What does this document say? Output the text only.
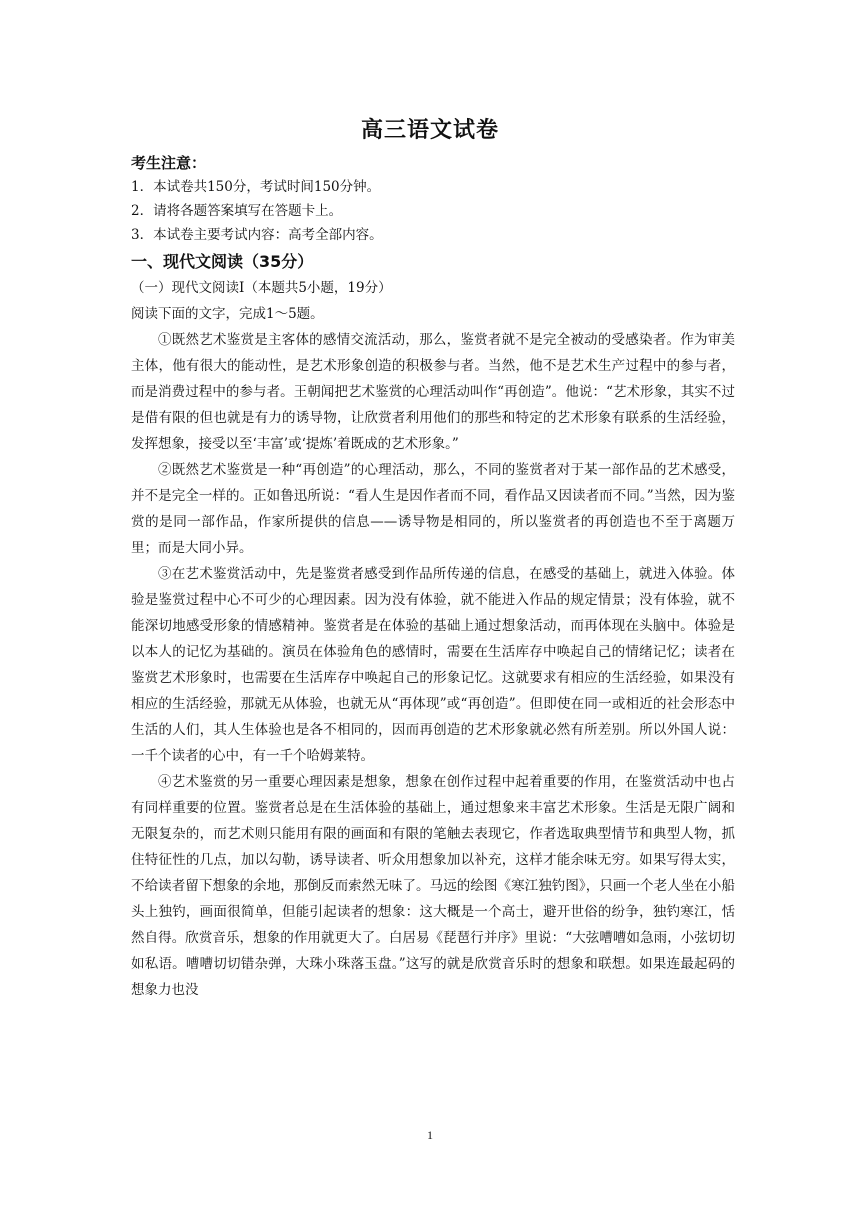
高三语文试卷

考生注意：

1．本试卷共150分，考试时间150分钟。

2．请将各题答案填写在答题卡上。

3．本试卷主要考试内容：高考全部内容。

一、现代文阅读（35分）

（一）现代文阅读Ⅰ（本题共5小题，19分）

阅读下面的文字，完成1～5题。

①既然艺术鉴赏是主客体的感情交流活动，那么，鉴赏者就不是完全被动的受感染者。作为审美主体，他有很大的能动性，是艺术形象创造的积极参与者。当然，他不是艺术生产过程中的参与者，而是消费过程中的参与者。王朝闻把艺术鉴赏的心理活动叫作“再创造”。他说：“艺术形象，其实不过是借有限的但也就是有力的诱导物，让欣赏者利用他们的那些和特定的艺术形象有联系的生活经验，发挥想象，接受以至‘丰富’或‘提炼’着既成的艺术形象。”

②既然艺术鉴赏是一种“再创造”的心理活动，那么，不同的鉴赏者对于某一部作品的艺术感受，并不是完全一样的。正如鲁迅所说：“看人生是因作者而不同，看作品又因读者而不同。”当然，因为鉴赏的是同一部作品，作家所提供的信息——诱导物是相同的，所以鉴赏者的再创造也不至于离题万里；而是大同小异。

③在艺术鉴赏活动中，先是鉴赏者感受到作品所传递的信息，在感受的基础上，就进入体验。体验是鉴赏过程中心不可少的心理因素。因为没有体验，就不能进入作品的规定情景；没有体验，就不能深切地感受形象的情感精神。鉴赏者是在体验的基础上通过想象活动，而再体现在头脑中。体验是以本人的记忆为基础的。演员在体验角色的感情时，需要在生活库存中唤起自己的情绪记忆；读者在鉴赏艺术形象时，也需要在生活库存中唤起自己的形象记忆。这就要求有相应的生活经验，如果没有相应的生活经验，那就无从体验，也就无从“再体现”或“再创造”。但即使在同一或相近的社会形态中生活的人们，其人生体验也是各不相同的，因而再创造的艺术形象就必然有所差别。所以外国人说：一千个读者的心中，有一千个哈姆莱特。

④艺术鉴赏的另一重要心理因素是想象，想象在创作过程中起着重要的作用，在鉴赏活动中也占有同样重要的位置。鉴赏者总是在生活体验的基础上，通过想象来丰富艺术形象。生活是无限广阔和无限复杂的，而艺术则只能用有限的画面和有限的笔触去表现它，作者选取典型情节和典型人物，抓住特征性的几点，加以勾勒，诱导读者、听众用想象加以补充，这样才能余味无穷。如果写得太实，不给读者留下想象的余地，那倒反而索然无味了。马远的绘图《寒江独钓图》，只画一个老人坐在小船头上独钓，画面很简单，但能引起读者的想象：这大概是一个高士，避开世俗的纷争，独钓寒江，恬然自得。欣赏音乐，想象的作用就更大了。白居易《琵琶行并序》里说：“大弦嘈嘈如急雨，小弦切切如私语。嘈嘈切切错杂弹，大珠小珠落玉盘。”这写的就是欣赏音乐时的想象和联想。如果连最起码的想象力也没

1
